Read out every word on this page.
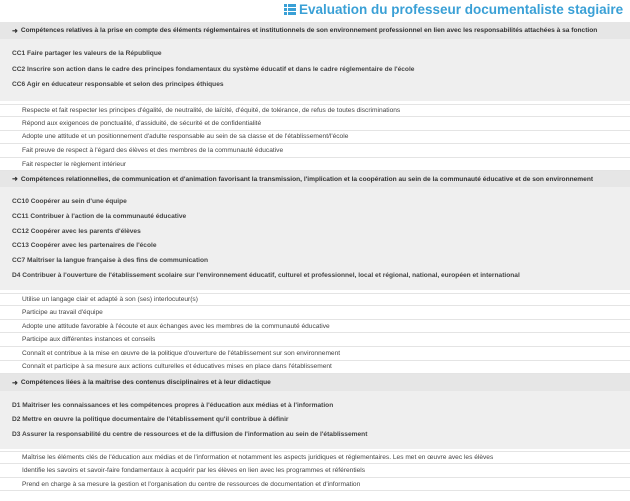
Evaluation du professeur documentaliste stagiaire
➜ Compétences relatives à la prise en compte des éléments réglementaires et institutionnels de son environnement professionnel en lien avec les responsabilités attachées à sa fonction
CC1 Faire partager les valeurs de la République
CC2 Inscrire son action dans le cadre des principes fondamentaux du système éducatif et dans le cadre réglementaire de l'école
CC6 Agir en éducateur responsable et selon des principes éthiques
Respecte et fait respecter les principes d'égalité, de neutralité, de laïcité, d'équité, de tolérance, de refus de toutes discriminations
Répond aux exigences de ponctualité, d'assiduité, de sécurité et de confidentialité
Adopte une attitude et un positionnement d'adulte responsable au sein de sa classe et de l'établissement/l'école
Fait preuve de respect à l'égard des élèves et des membres de la communauté éducative
Fait respecter le règlement intérieur
➜ Compétences relationnelles, de communication et d'animation favorisant la transmission, l'implication et la coopération au sein de la communauté éducative et de son environnement
CC10 Coopérer au sein d'une équipe
CC11 Contribuer à l'action de la communauté éducative
CC12 Coopérer avec les parents d'élèves
CC13 Coopérer avec les partenaires de l'école
CC7 Maîtriser la langue française à des fins de communication
D4 Contribuer à l'ouverture de l'établissement scolaire sur l'environnement éducatif, culturel et professionnel, local et régional, national, européen et international
Utilise un langage clair et adapté à son (ses) interlocuteur(s)
Participe au travail d'équipe
Adopte une attitude favorable à l'écoute et aux échanges avec les membres de la communauté éducative
Participe aux différentes instances et conseils
Connaît et contribue à la mise en œuvre de la politique d'ouverture de l'établissement sur son environnement
Connaît et participe à sa mesure aux actions culturelles et éducatives mises en place dans l'établissement
➜ Compétences liées à la maîtrise des contenus disciplinaires et à leur didactique
D1 Maîtriser les connaissances et les compétences propres à l'éducation aux médias et à l'information
D2 Mettre en œuvre la politique documentaire de l'établissement qu'il contribue à définir
D3 Assurer la responsabilité du centre de ressources et de la diffusion de l'information au sein de l'établissement
Maîtrise les éléments clés de l'éducation aux médias et de l'information et notamment les aspects juridiques et réglementaires. Les met en œuvre avec les élèves
Identifie les savoirs et savoir-faire fondamentaux à acquérir par les élèves en lien avec les programmes et référentiels
Prend en charge à sa mesure la gestion et l'organisation du centre de ressources de documentation et d'information
